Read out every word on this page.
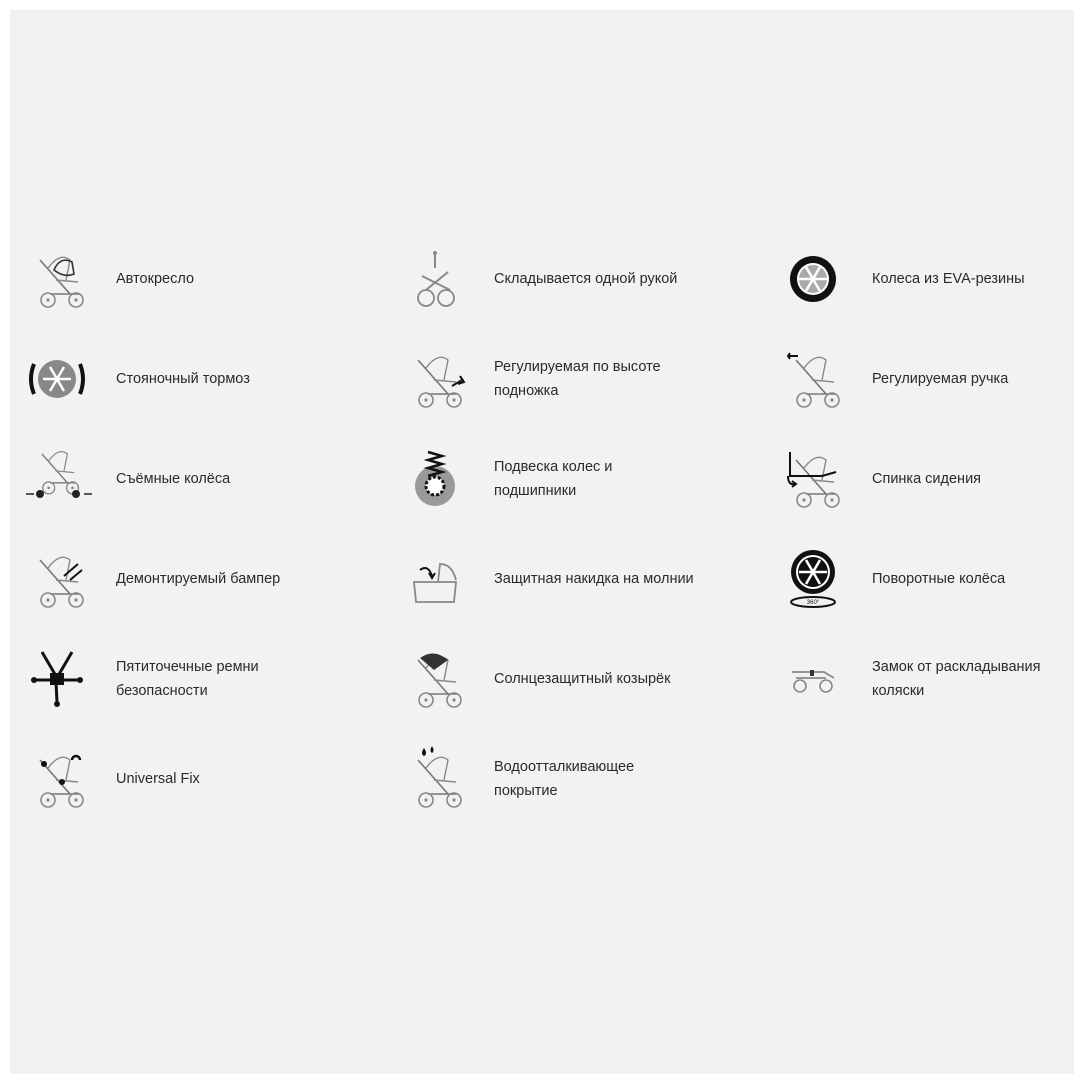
Автокресло
Стояночный тормоз
Съёмные колёса
Демонтируемый бампер
Пятиточечные ремни безопасности
Universal Fix
Складывается одной рукой
Регулируемая по высоте подножка
Подвеска колес и подшипники
Защитная накидка на молнии
Солнцезащитный козырёк
Водоотталкивающее покрытие
Колеса из EVA-резины
Регулируемая ручка
Спинка сидения
360°
Поворотные колёса
Замок от раскладывания коляски
